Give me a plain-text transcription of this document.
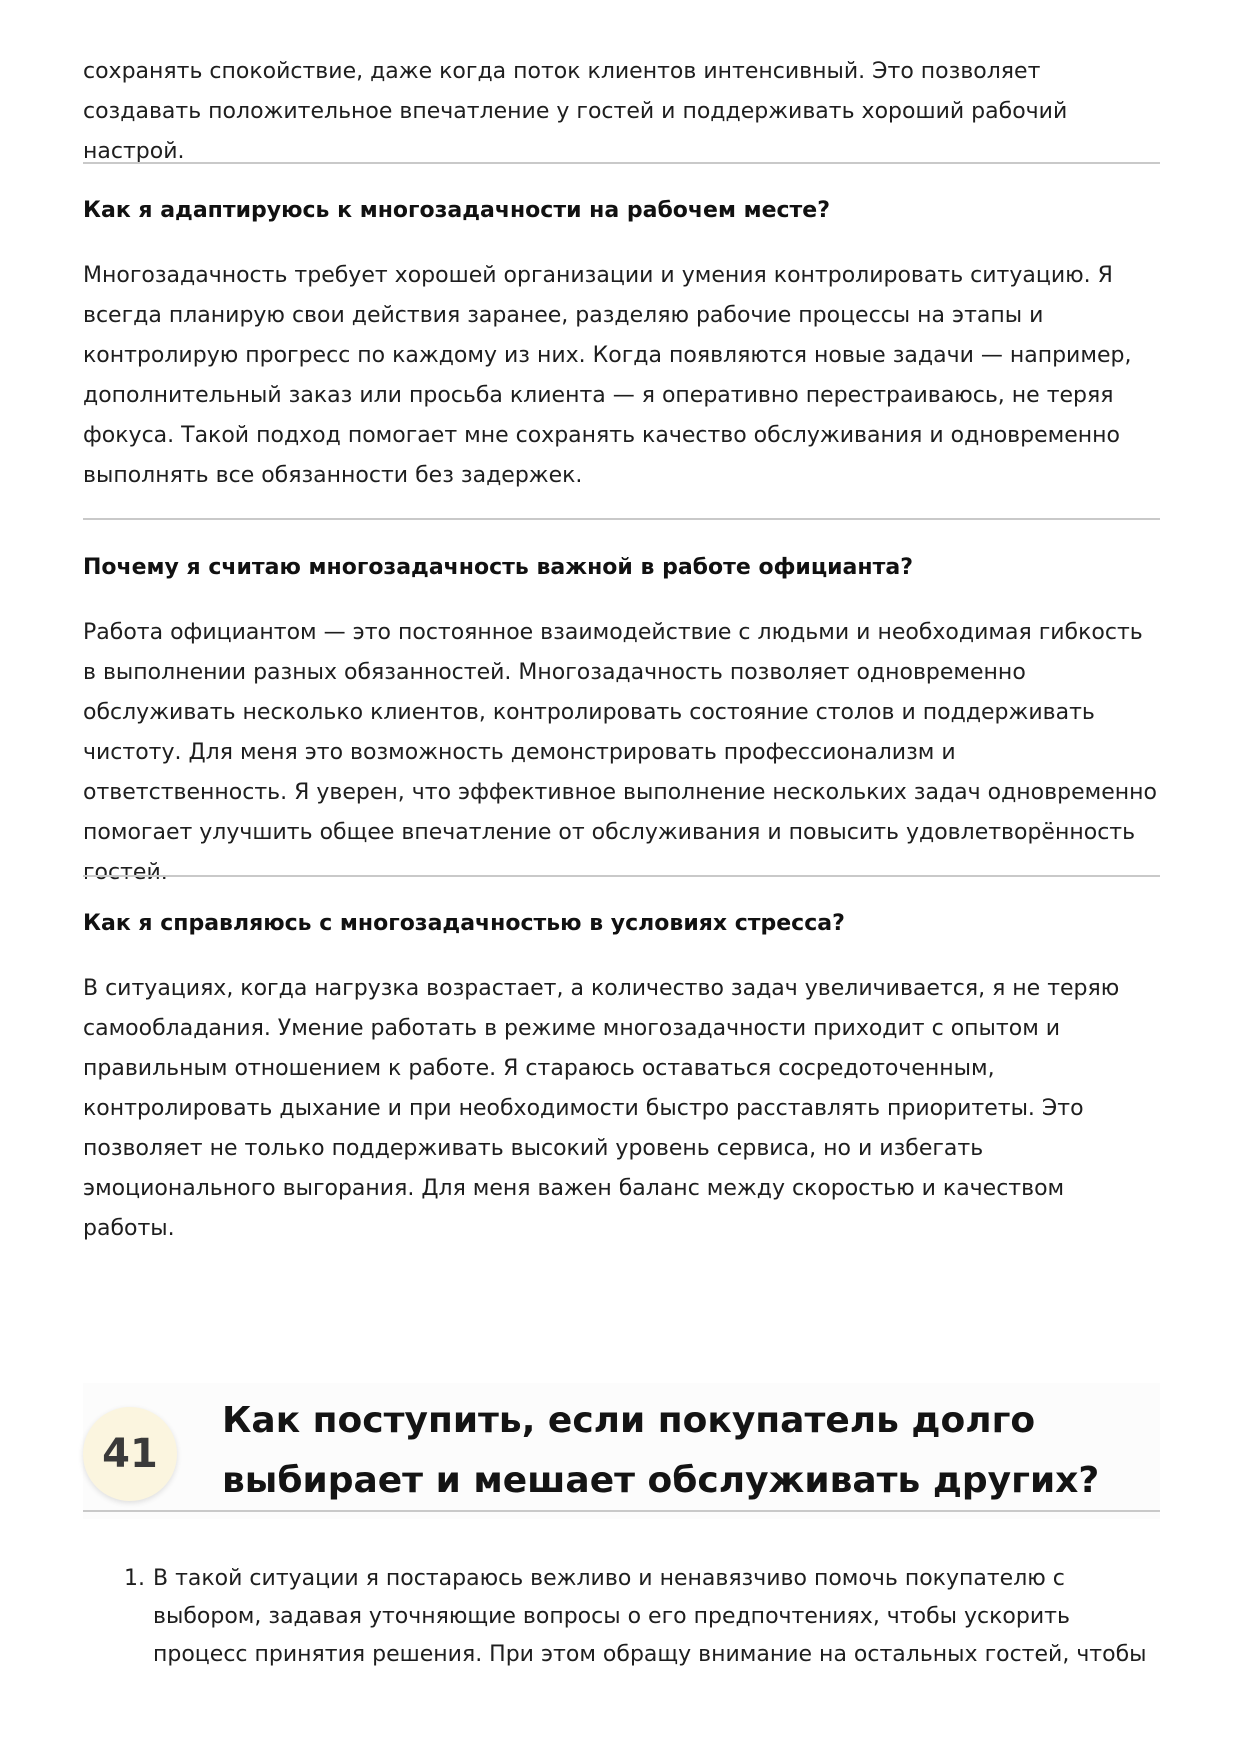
сохранять спокойствие, даже когда поток клиентов интенсивный. Это позволяет создавать положительное впечатление у гостей и поддерживать хороший рабочий настрой.

Как я адаптируюсь к многозадачности на рабочем месте?

Многозадачность требует хорошей организации и умения контролировать ситуацию. Я всегда планирую свои действия заранее, разделяю рабочие процессы на этапы и контролирую прогресс по каждому из них. Когда появляются новые задачи — например, дополнительный заказ или просьба клиента — я оперативно перестраиваюсь, не теряя фокуса. Такой подход помогает мне сохранять качество обслуживания и одновременно выполнять все обязанности без задержек.

Почему я считаю многозадачность важной в работе официанта?

Работа официантом — это постоянное взаимодействие с людьми и необходимая гибкость в выполнении разных обязанностей. Многозадачность позволяет одновременно обслуживать несколько клиентов, контролировать состояние столов и поддерживать чистоту. Для меня это возможность демонстрировать профессионализм и ответственность. Я уверен, что эффективное выполнение нескольких задач одновременно помогает улучшить общее впечатление от обслуживания и повысить удовлетворённость гостей.

Как я справляюсь с многозадачностью в условиях стресса?

В ситуациях, когда нагрузка возрастает, а количество задач увеличивается, я не теряю самообладания. Умение работать в режиме многозадачности приходит с опытом и правильным отношением к работе. Я стараюсь оставаться сосредоточенным, контролировать дыхание и при необходимости быстро расставлять приоритеты. Это позволяет не только поддерживать высокий уровень сервиса, но и избегать эмоционального выгорания. Для меня важен баланс между скоростью и качеством работы.

41
Как поступить, если покупатель долго выбирает и мешает обслуживать других?
1. В такой ситуации я постараюсь вежливо и ненавязчиво помочь покупателю с выбором, задавая уточняющие вопросы о его предпочтениях, чтобы ускорить процесс принятия решения. При этом обращу внимание на остальных гостей, чтобы
